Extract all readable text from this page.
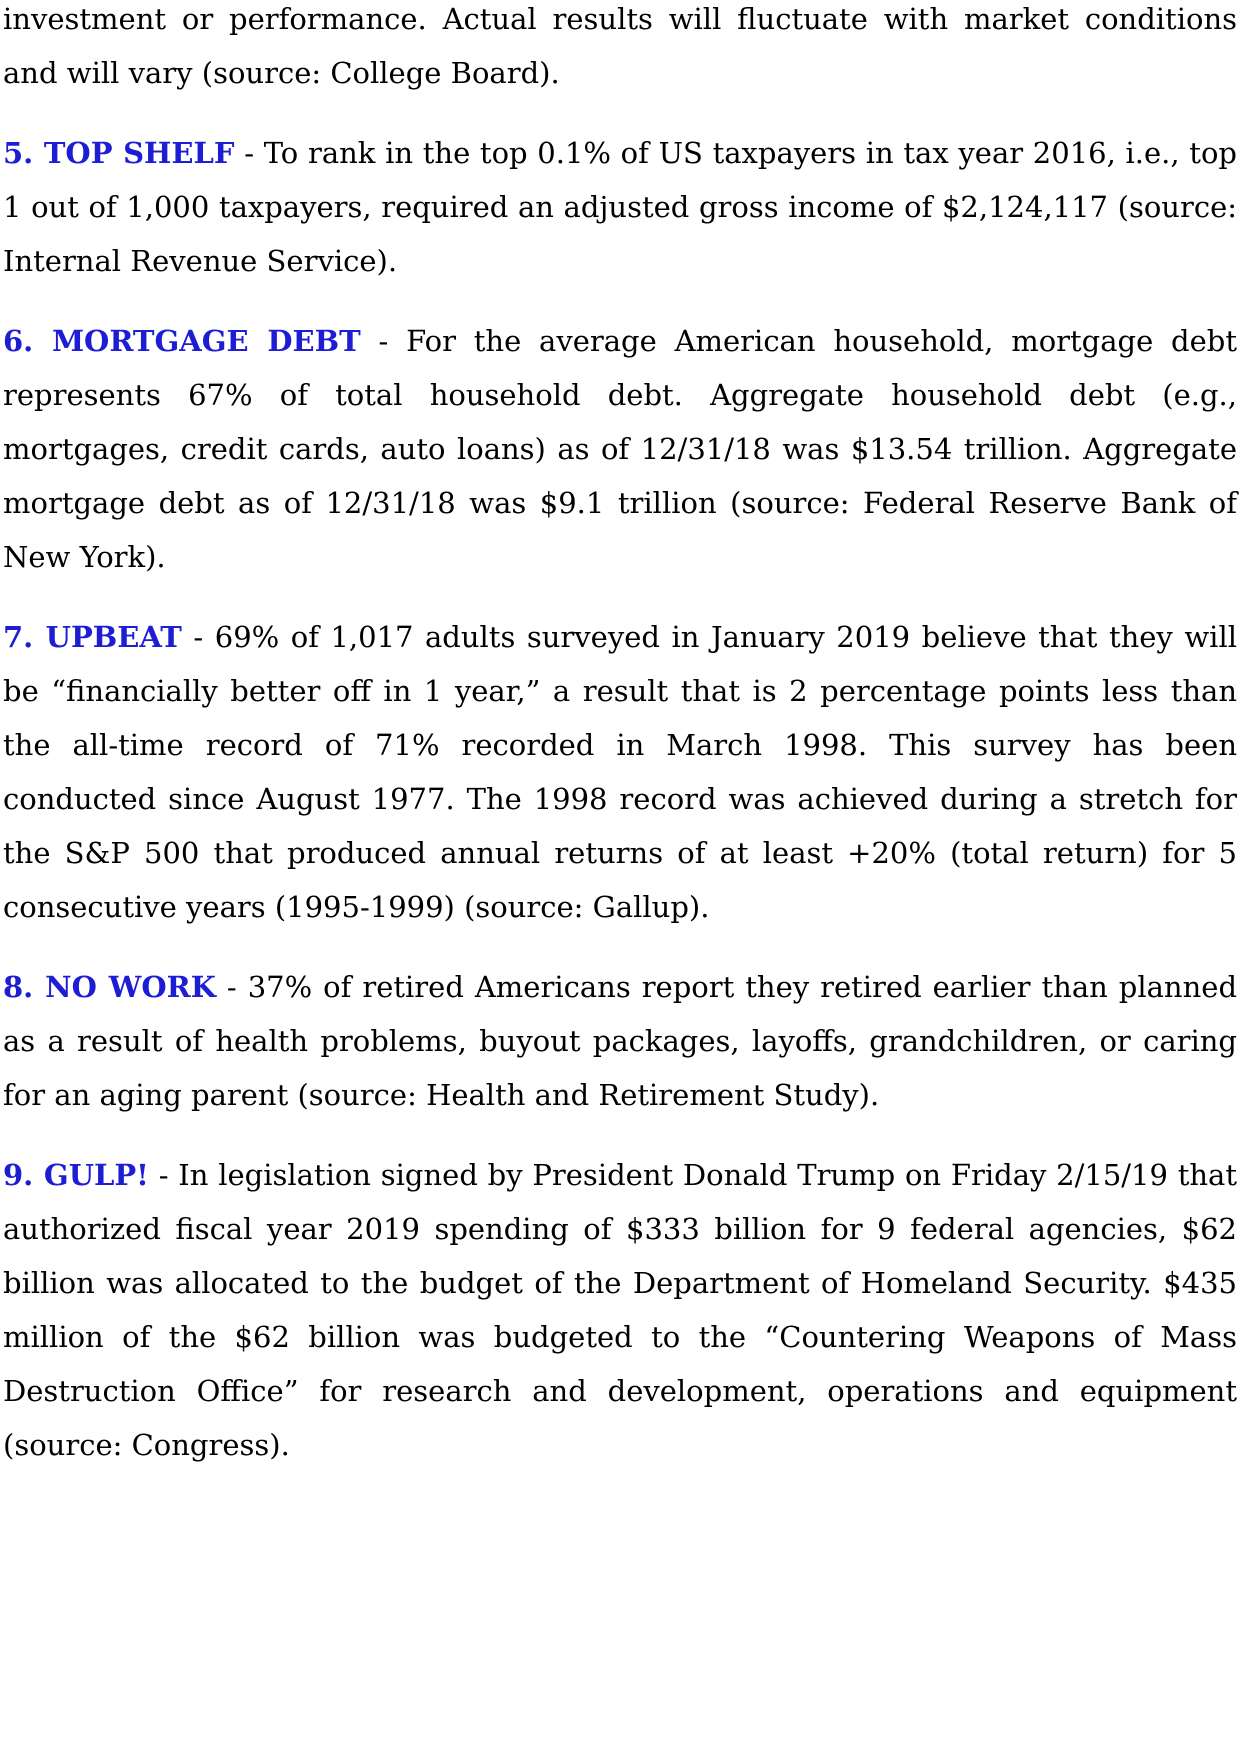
investment or performance. Actual results will fluctuate with market conditions and will vary (source: College Board).

5. TOP SHELF - To rank in the top 0.1% of US taxpayers in tax year 2016, i.e., top 1 out of 1,000 taxpayers, required an adjusted gross income of $2,124,117 (source: Internal Revenue Service).

6. MORTGAGE DEBT - For the average American household, mortgage debt represents 67% of total household debt. Aggregate household debt (e.g., mortgages, credit cards, auto loans) as of 12/31/18 was $13.54 trillion. Aggregate mortgage debt as of 12/31/18 was $9.1 trillion (source: Federal Reserve Bank of New York).

7. UPBEAT - 69% of 1,017 adults surveyed in January 2019 believe that they will be “financially better off in 1 year,” a result that is 2 percentage points less than the all-time record of 71% recorded in March 1998. This survey has been conducted since August 1977. The 1998 record was achieved during a stretch for the S&P 500 that produced annual returns of at least +20% (total return) for 5 consecutive years (1995-1999) (source: Gallup).

8. NO WORK - 37% of retired Americans report they retired earlier than planned as a result of health problems, buyout packages, layoffs, grandchildren, or caring for an aging parent (source: Health and Retirement Study).

9. GULP! - In legislation signed by President Donald Trump on Friday 2/15/19 that authorized fiscal year 2019 spending of $333 billion for 9 federal agencies, $62 billion was allocated to the budget of the Department of Homeland Security. $435 million of the $62 billion was budgeted to the “Countering Weapons of Mass Destruction Office” for research and development, operations and equipment (source: Congress).
